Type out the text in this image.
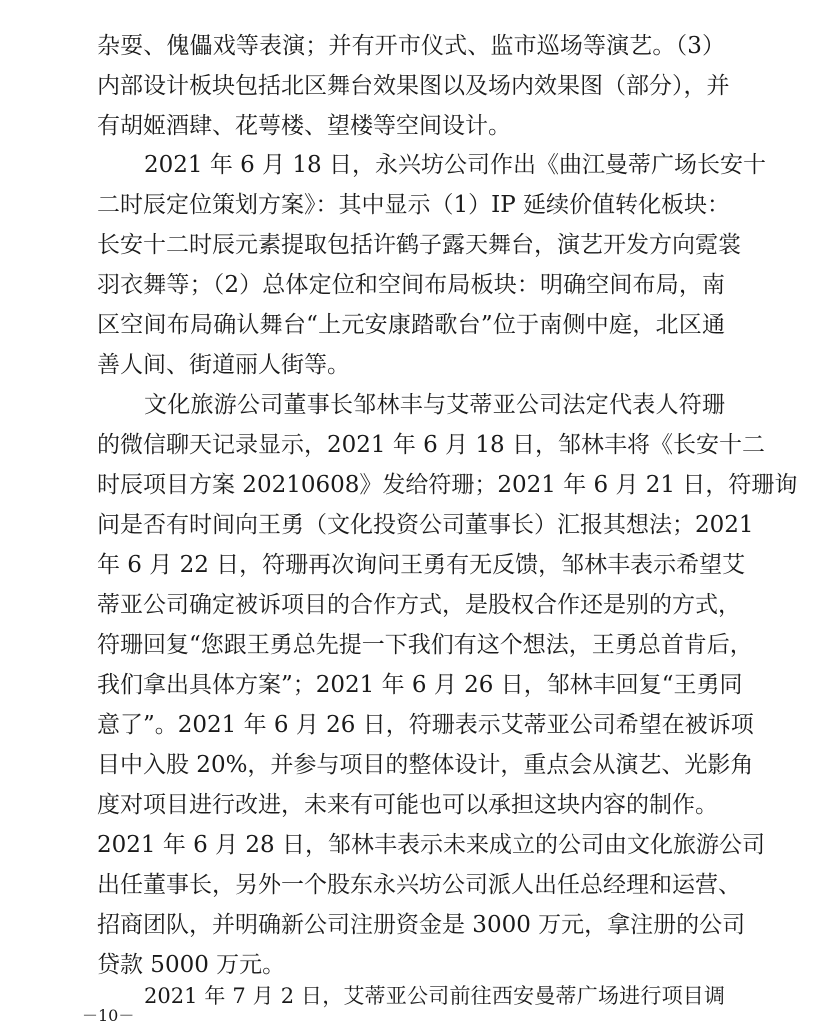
杂耍、傀儡戏等表演；并有开市仪式、监市巡场等演艺。（3）
内部设计板块包括北区舞台效果图以及场内效果图（部分），并
有胡姬酒肆、花萼楼、望楼等空间设计。
2021 年 6 月 18 日，永兴坊公司作出《曲江曼蒂广场长安十
二时辰定位策划方案》：其中显示（1）IP 延续价值转化板块：
长安十二时辰元素提取包括许鹤子露天舞台，演艺开发方向霓裳
羽衣舞等；（2）总体定位和空间布局板块：明确空间布局，南
区空间布局确认舞台“上元安康踏歌台”位于南侧中庭，北区通
善人间、街道丽人街等。
文化旅游公司董事长邹林丰与艾蒂亚公司法定代表人符珊
的微信聊天记录显示，2021 年 6 月 18 日，邹林丰将《长安十二
时辰项目方案 20210608》发给符珊；2021 年 6 月 21 日，符珊询
问是否有时间向王勇（文化投资公司董事长）汇报其想法；2021
年 6 月 22 日，符珊再次询问王勇有无反馈，邹林丰表示希望艾
蒂亚公司确定被诉项目的合作方式，是股权合作还是别的方式，
符珊回复“您跟王勇总先提一下我们有这个想法，王勇总首肯后，
我们拿出具体方案”；2021 年 6 月 26 日，邹林丰回复“王勇同
意了”。2021 年 6 月 26 日，符珊表示艾蒂亚公司希望在被诉项
目中入股 20%，并参与项目的整体设计，重点会从演艺、光影角
度对项目进行改进，未来有可能也可以承担这块内容的制作。
2021 年 6 月 28 日，邹林丰表示未来成立的公司由文化旅游公司
出任董事长，另外一个股东永兴坊公司派人出任总经理和运营、
招商团队，并明确新公司注册资金是 3000 万元，拿注册的公司
贷款 5000 万元。
2021 年 7 月 2 日，艾蒂亚公司前往西安曼蒂广场进行项目调
－10－
